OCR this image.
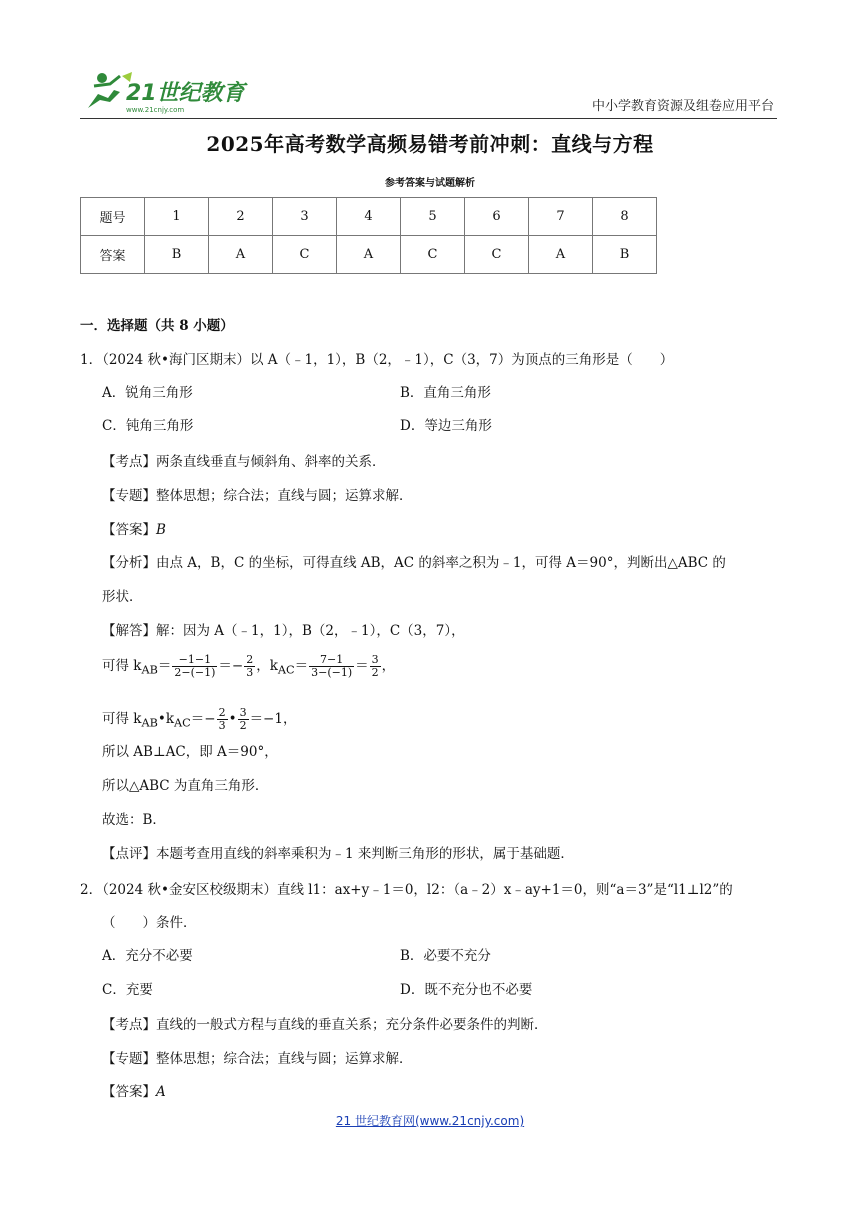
21世纪教育
www.21cnjy.com	中小学教育资源及组卷应用平台
2025年高考数学高频易错考前冲刺：直线与方程
参考答案与试题解析
题号	1	2	3	4	5	6	7	8
答案	B	A	C	A	C	C	A	B
一．选择题（共 8 小题）
1．（2024 秋•海门区期末）以 A（﹣1，1），B（2，﹣1），C（3，7）为顶点的三角形是（　　）
A．锐角三角形	B．直角三角形
C．钝角三角形	D．等边三角形
【考点】两条直线垂直与倾斜角、斜率的关系．
【专题】整体思想；综合法；直线与圆；运算求解．
【答案】B
【分析】由点 A，B，C 的坐标，可得直线 AB，AC 的斜率之积为﹣1，可得 A＝90°，判断出△ABC 的
形状．
【解答】解：因为 A（﹣1，1），B（2，﹣1），C（3，7），
可得 $k_{AB}= \frac{-1-1}{2-(-1)} =- \frac{2}{3}$ ，$k_{AC}= \frac{7-1}{3-(-1)} = \frac{3}{2}$ ，
可得 $k_{AB}•k_{AC}=- \frac{2}{3}$ • $\frac{3}{2} =-1$，
所以 AB⊥AC，即 A＝90°，
所以△ABC 为直角三角形．
故选：B．
【点评】本题考查用直线的斜率乘积为﹣1 来判断三角形的形状，属于基础题．
2．（2024 秋•金安区校级期末）直线 l1：ax+y﹣1＝0，l2：（a﹣2）x﹣ay+1＝0，则“a＝3”是“l1⊥l2”的
（　　）条件．
A．充分不必要	B．必要不充分
C．充要	D．既不充分也不必要
【考点】直线的一般式方程与直线的垂直关系；充分条件必要条件的判断．
【专题】整体思想；综合法；直线与圆；运算求解．
【答案】A
21 世纪教育网(www.21cnjy.com)
